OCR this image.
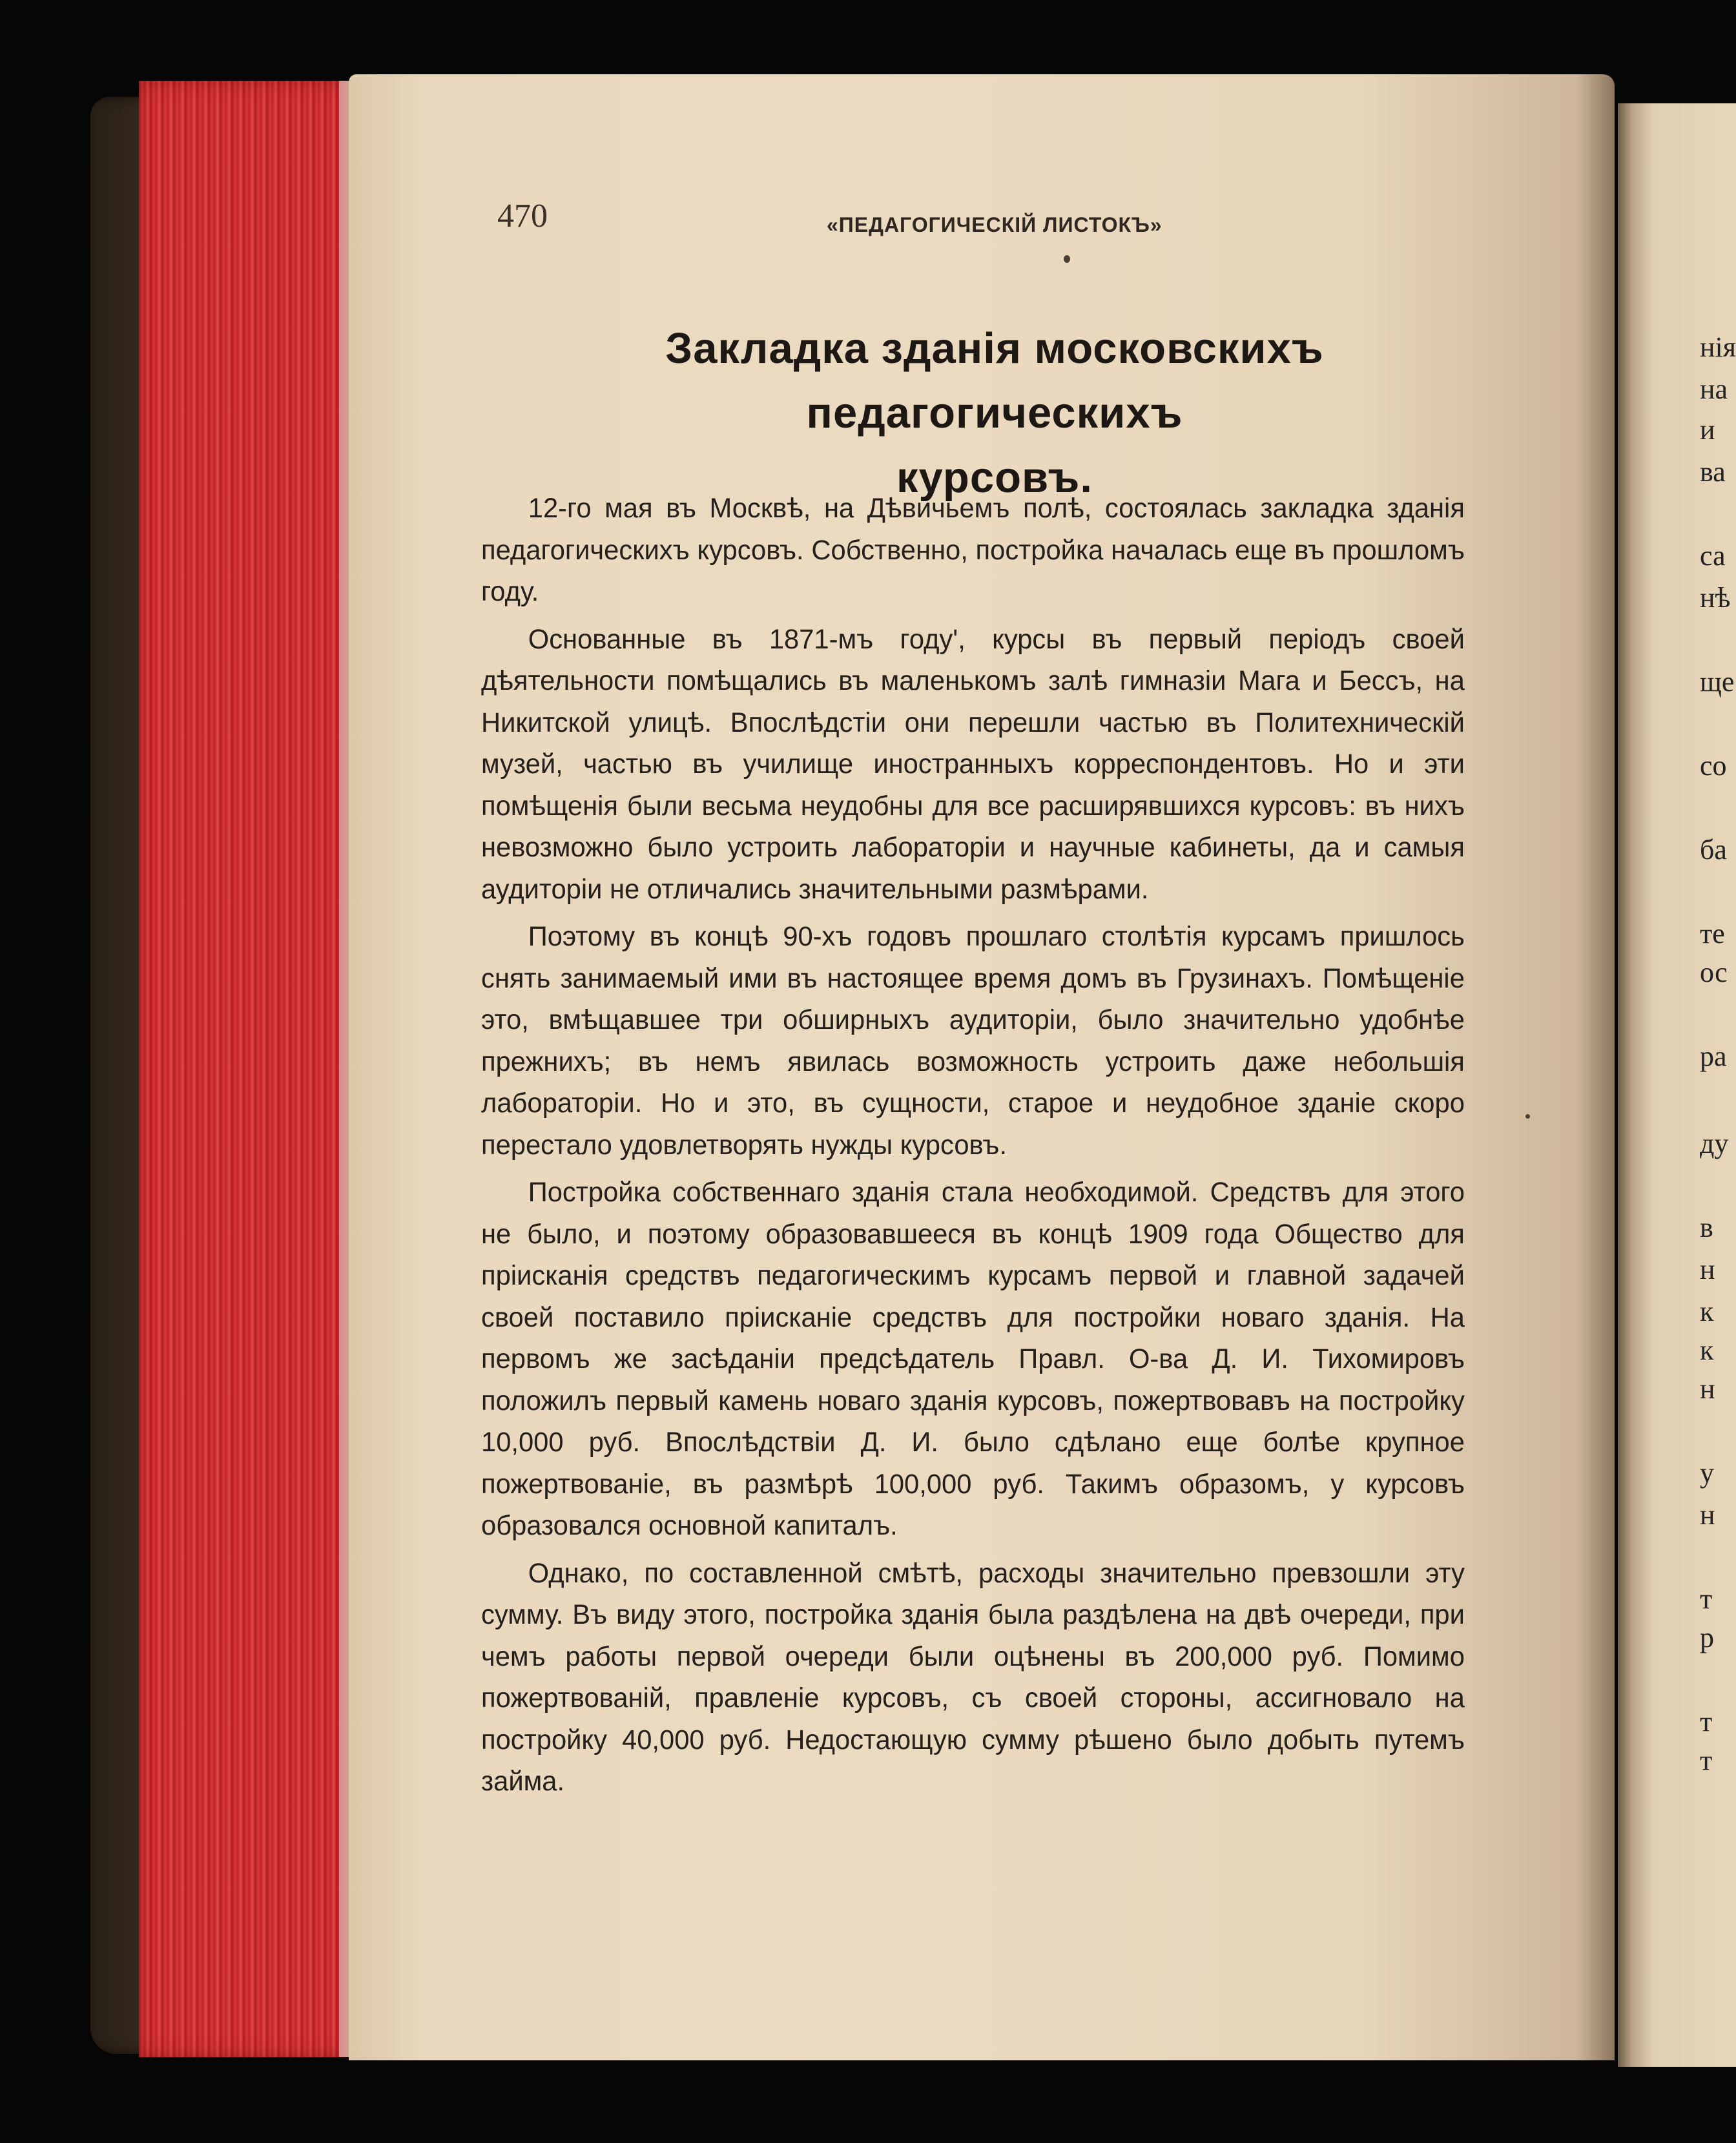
нія

на

и

ва

са

нѣ

ще

со

ба

те

ос

ра

ду

в

н

к

к

н

у

н

т

р

т

т

470	«ПЕДАГОГИЧЕСКІЙ ЛИСТОКЪ»

Закладка зданія московскихъ педагогическихъ
курсовъ.

12-го мая въ Москвѣ, на Дѣвичьемъ полѣ, состоялась закладка зданія педагогическихъ курсовъ. Собственно, постройка началась еще въ прошломъ году.

Основанные въ 1871-мъ году', курсы въ первый періодъ своей дѣятельности помѣщались въ маленькомъ залѣ гимназіи Мага и Бессъ, на Никитской улицѣ. Впослѣдстіи они перешли частью въ Политехническій музей, частью въ училище иностранныхъ корреспондентовъ. Но и эти помѣщенія были весьма неудобны для все расширявшихся курсовъ: въ нихъ невозможно было устроить лабораторіи и научные кабинеты, да и самыя аудиторіи не отличались значительными размѣрами.

Поэтому въ концѣ 90-хъ годовъ прошлаго столѣтія курсамъ пришлось снять занимаемый ими въ настоящее время домъ въ Грузинахъ. Помѣщеніе это, вмѣщавшее три обширныхъ аудиторіи, было значительно удобнѣе прежнихъ; въ немъ явилась возможность устроить даже небольшія лабораторіи. Но и это, въ сущности, старое и неудобное зданіе скоро перестало удовлетворять нужды курсовъ.

Постройка собственнаго зданія стала необходимой. Средствъ для этого не было, и поэтому образовавшееся въ концѣ 1909 года Общество для пріисканія средствъ педагогическимъ курсамъ первой и главной задачей своей поставило пріисканіе средствъ для постройки новаго зданія. На первомъ же засѣданіи предсѣдатель Правл. О-ва Д. И. Тихомировъ положилъ первый камень новаго зданія курсовъ, пожертвовавъ на постройку 10,000 руб. Впослѣдствіи Д. И. было сдѣлано еще болѣе крупное пожертвованіе, въ размѣрѣ 100,000 руб. Такимъ образомъ, у курсовъ образовался основной капиталъ.

Однако, по составленной смѣтѣ, расходы значительно превзошли эту сумму. Въ виду этого, постройка зданія была раздѣлена на двѣ очереди, при чемъ работы первой очереди были оцѣнены въ 200,000 руб. Помимо пожертвованій, правленіе курсовъ, съ своей стороны, ассигновало на постройку 40,000 руб. Недостающую сумму рѣшено было добыть путемъ займа.
